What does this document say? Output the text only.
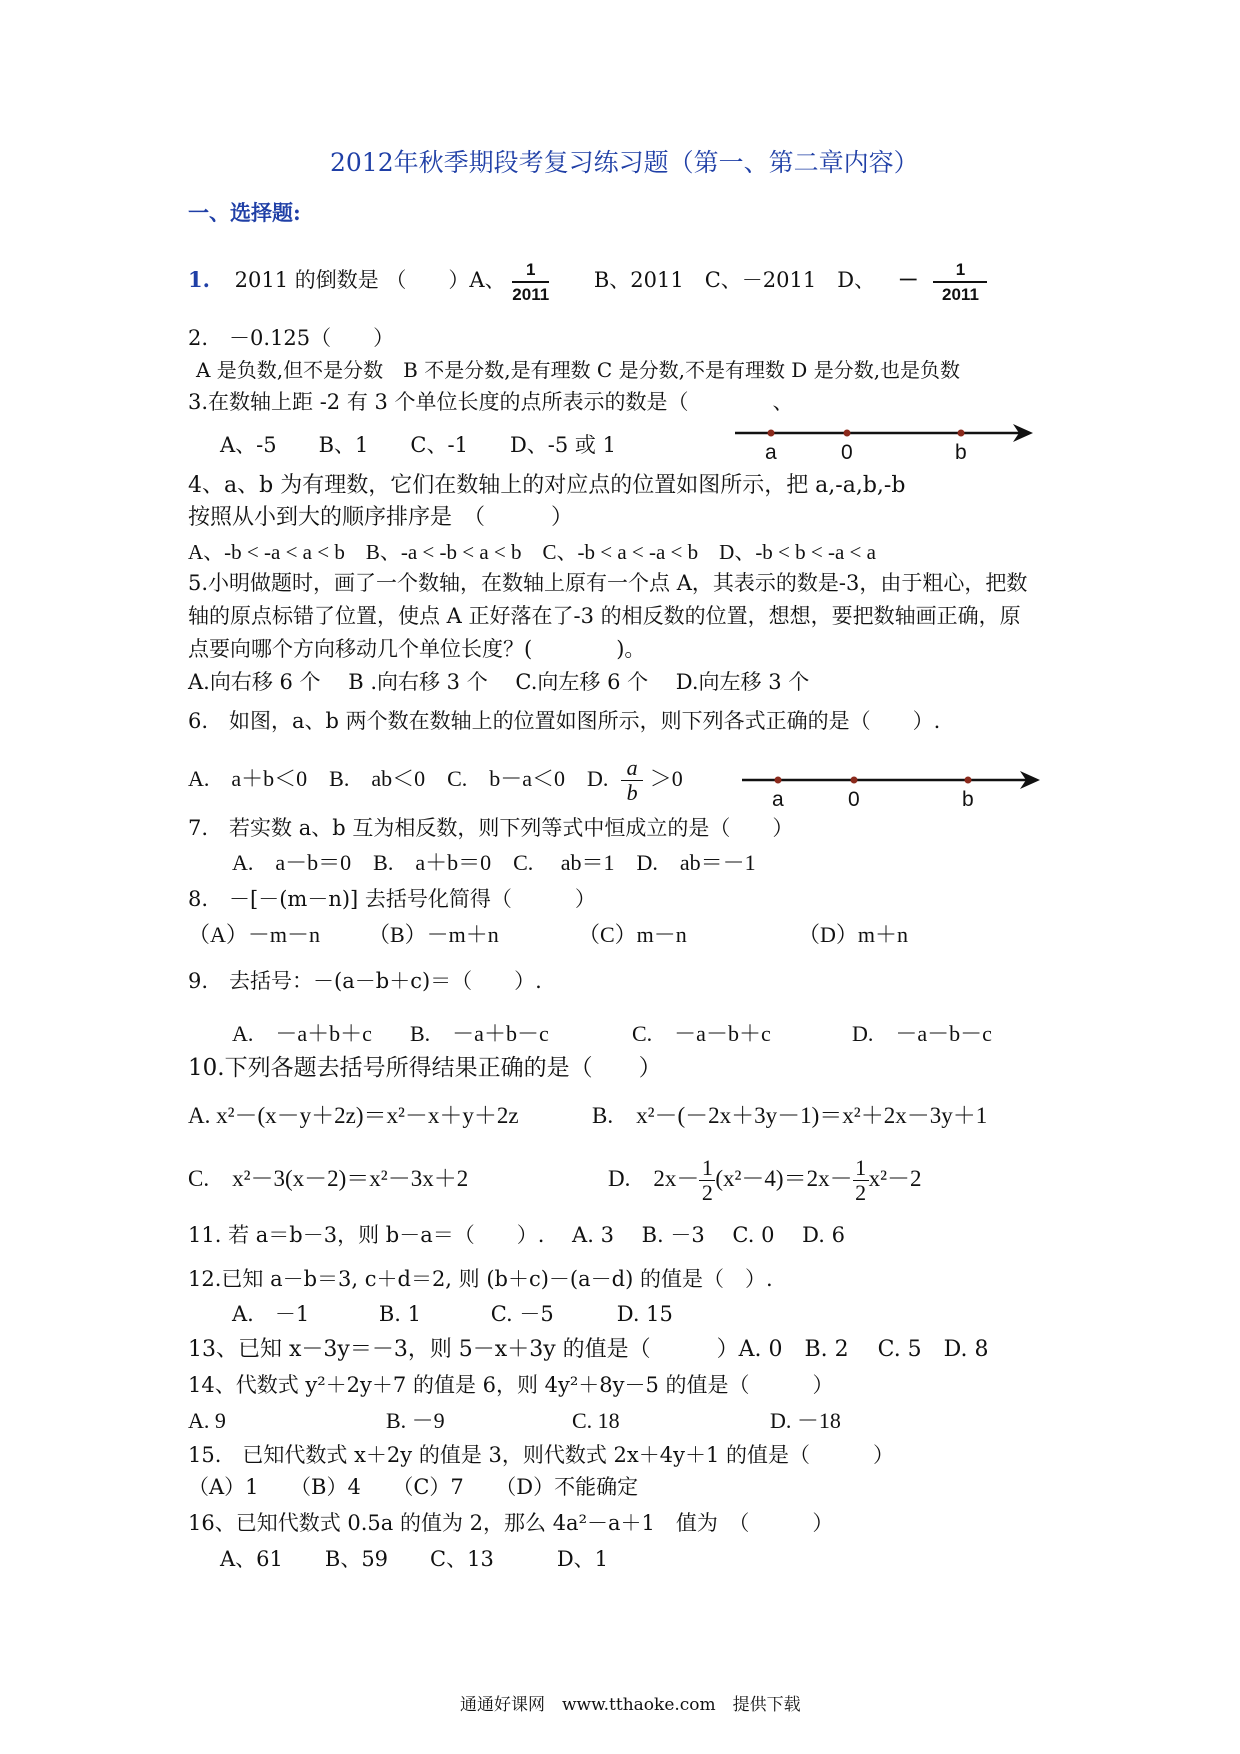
2012年秋季期段考复习练习题（第一、第二章内容）
一、选择题:
1. 2011 的倒数是 （　　）A、 $\frac{1}{2011}$ B、2011　C、－2011　D、 － $\frac{1}{2011}$
2.　－0.125（　　）
A 是负数,但不是分数　B 不是分数,是有理数 C 是分数,不是有理数 D 是分数,也是负数
3.在数轴上距 -2 有 3 个单位长度的点所表示的数是（　　　　、
A、-5　　B、1　　C、-1　　D、-5 或 1	a	0	b
4、a、b 为有理数，它们在数轴上的对应点的位置如图所示，把 a,-a,b,-b
按照从小到大的顺序排序是　（　　　）
A、-b < -a < a < b　B、-a < -b < a < b　C、-b < a < -a < b　D、-b < b < -a < a
5.小明做题时，画了一个数轴，在数轴上原有一个点 A，其表示的数是-3，由于粗心，把数
轴的原点标错了位置，使点 A 正好落在了-3 的相反数的位置，想想，要把数轴画正确，原
点要向哪个方向移动几个单位长度？(　　　　)。
A.向右移 6 个　 B .向右移 3 个　 C.向左移 6 个　 D.向左移 3 个
6.　如图，a、b 两个数在数轴上的位置如图所示，则下列各式正确的是（　　）.
A.　a＋b＜0　B.　ab＜0　C.　b－a＜0　D. $\frac{a}{b} >0$
a	0	b
7.　若实数 a、b 互为相反数，则下列等式中恒成立的是（　　）
A.　a－b＝0　B.　a＋b＝0　C.　 ab＝1　D.　ab＝－1
8.　－[－(m－n)] 去括号化简得（　　　）
（A）－m－n （B）－m＋n	（C）m－n	（D）m＋n
9.　去括号：－(a－b＋c)＝（　　）.
A.　－a＋b＋c B.　－a＋b－c	C.　－a－b＋c	D.　－a－b－c
10.下列各题去括号所得结果正确的是（　　）
A. x²－(x－y＋2z)＝x²－x＋y＋2z	B.　x²－(－2x＋3y－1)＝x²＋2x－3y＋1
C.　x²－3(x－2)＝x²－3x＋2	D.　$2x- \frac{1}{2} (x^2-4)=2x- \frac{1}{2} x^2-2$
11. 若 a＝b－3，则 b－a＝（　　）.　 A. 3　 B. －3　 C. 0　 D. 6
12.已知 a－b＝3, c＋d＝2, 则 (b＋c)－(a－d) 的值是（　）.
A.　－1　　　 B. 1　　　 C. －5　　　D. 15
13、已知 x－3y＝－3，则 5－x＋3y 的值是（　　　）A. 0　B. 2　 C. 5　D. 8
14、代数式 y²＋2y＋7 的值是 6，则 4y²＋8y－5 的值是（　　　）
A. 9	B. －9	C. 18	D. －18
15.　已知代数式 x＋2y 的值是 3，则代数式 2x＋4y＋1 的值是（　　　）
（A）1　　（B）4　　（C）7　　（D）不能确定
16、已知代数式 0.5a 的值为 2，那么 4a²－a＋1　值为　（　　　）
A、61　　B、59　　C、13　　　D、1
通通好课网　www.tthaoke.com　提供下载
